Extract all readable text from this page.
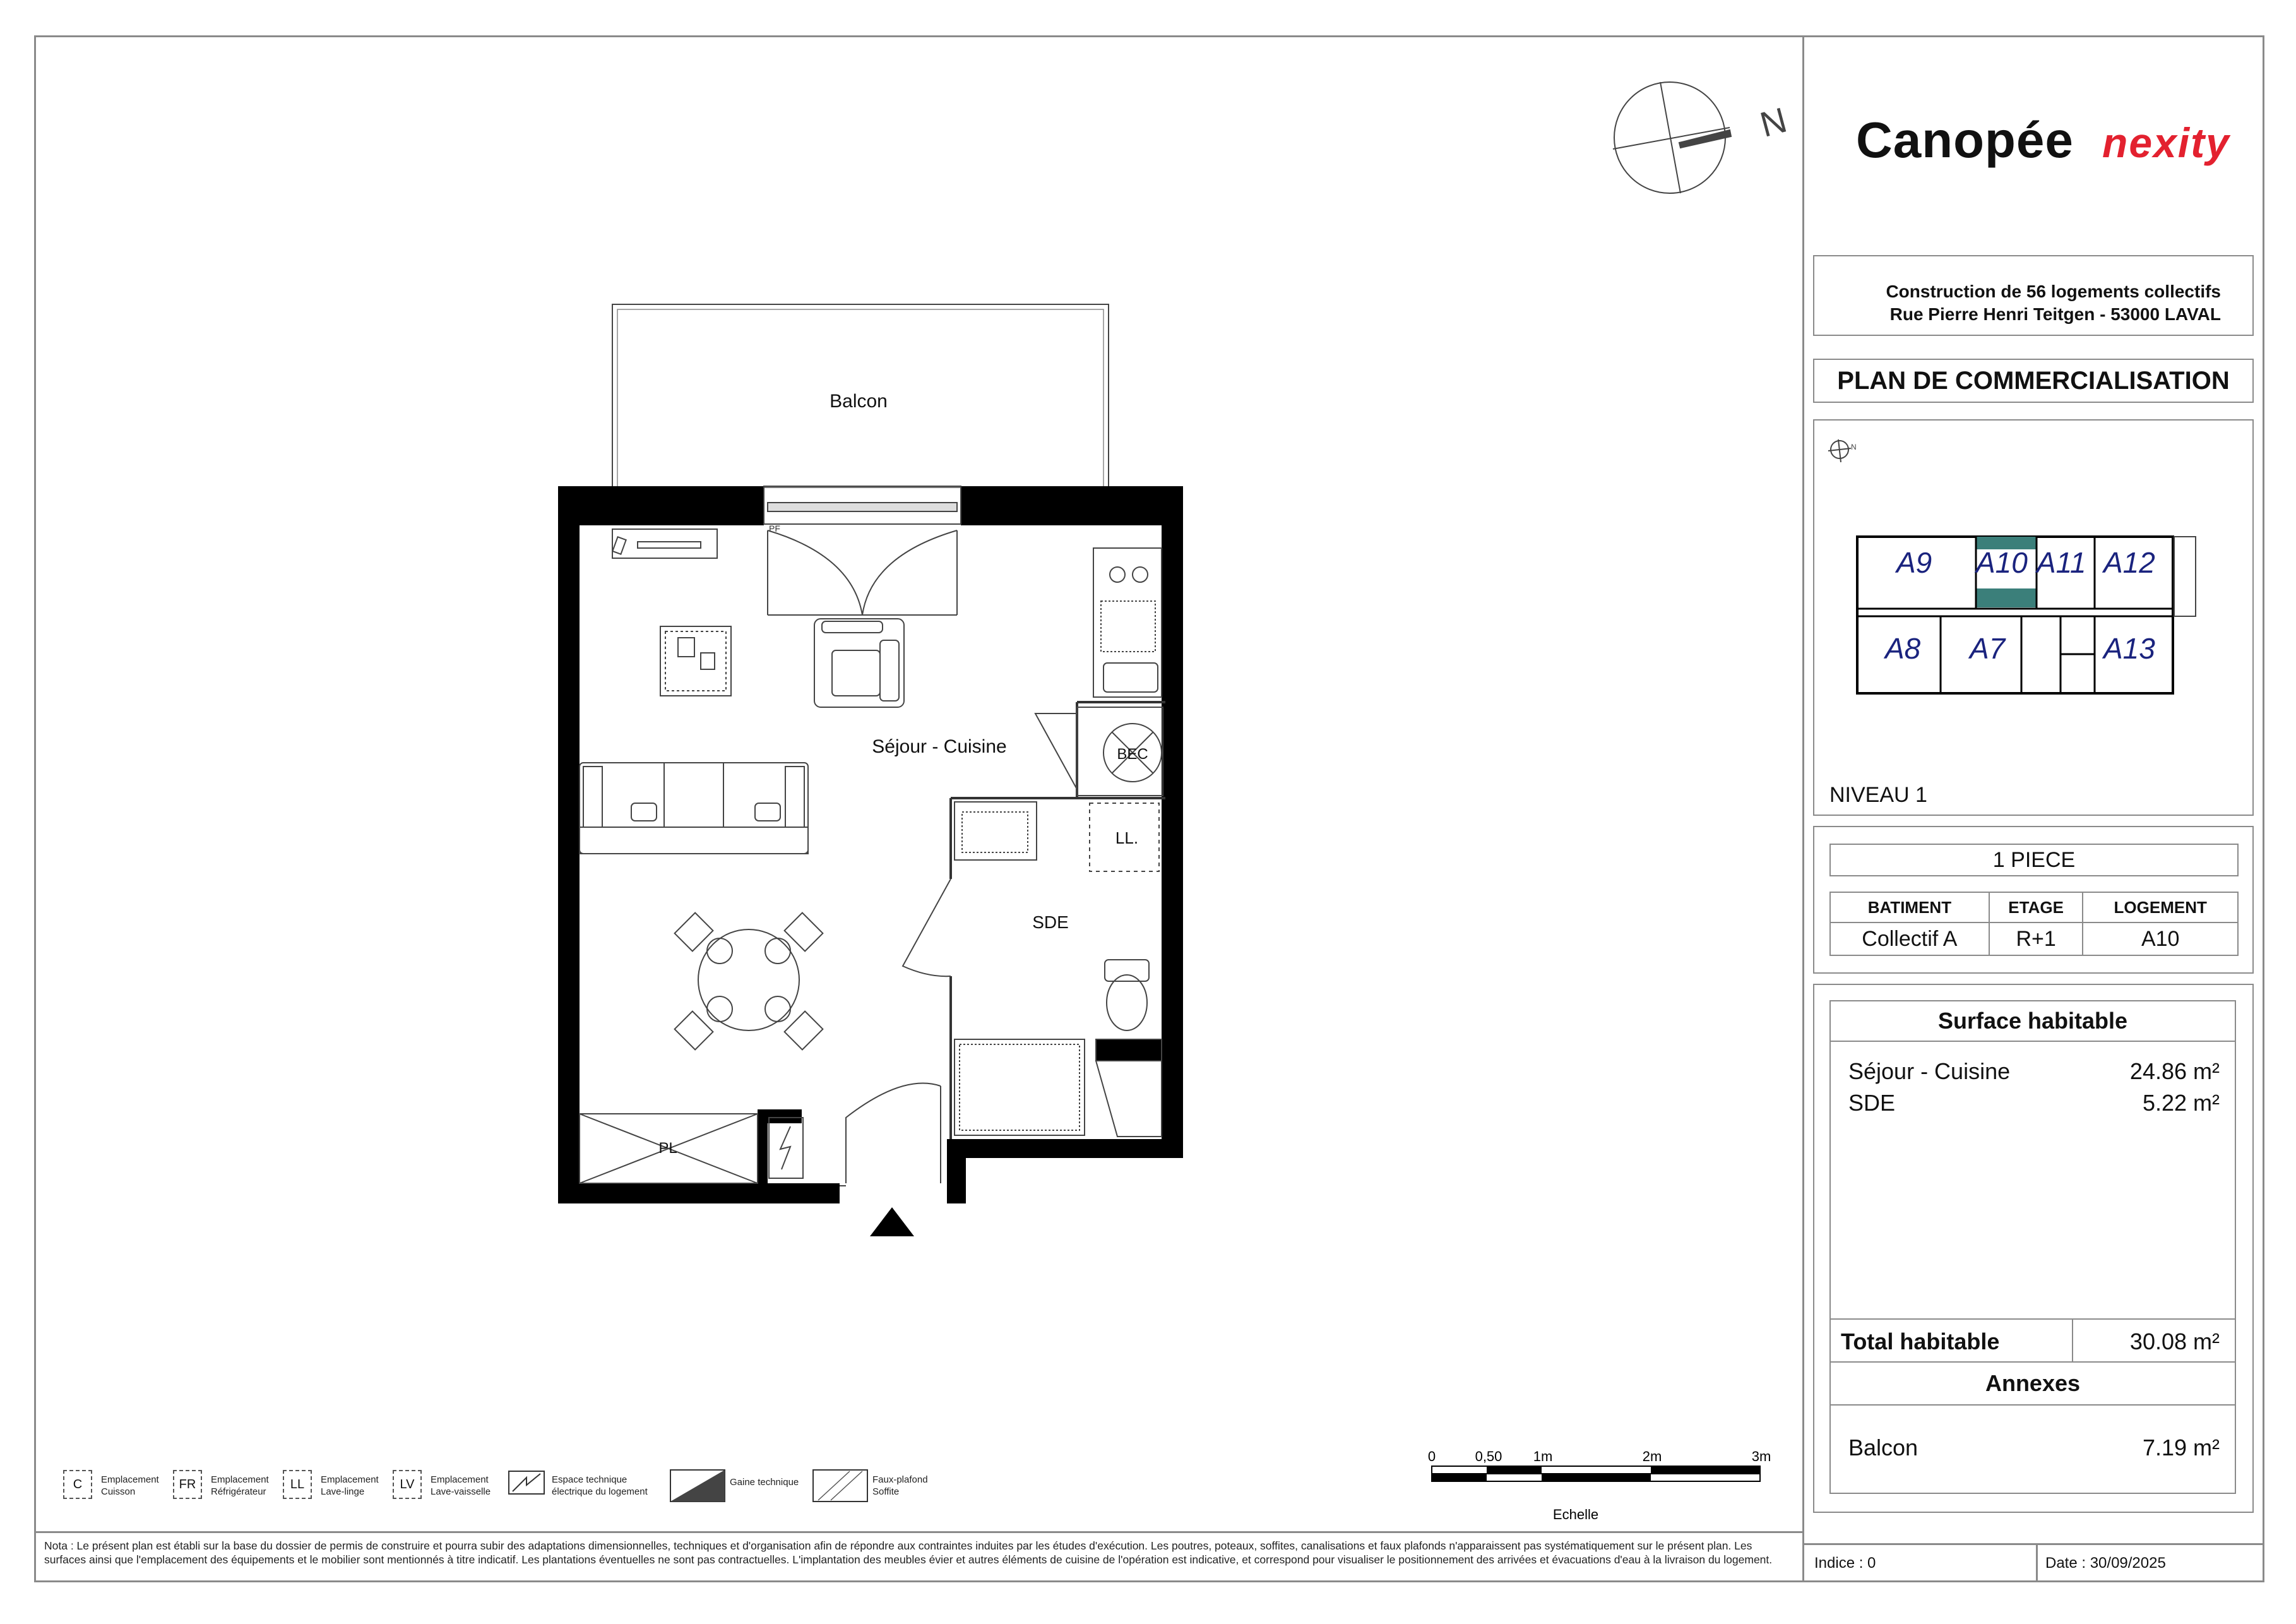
N
Balcon
PF
BEC
Séjour - Cuisine
PL
LL.
SDE
0	0,50 1m	2m	3m
Echelle
C	Emplacement
Cuisson
FR	Emplacement
Réfrigérateur
LL	Emplacement
Lave-linge
LV	Emplacement
Lave-vaisselle
Espace technique
électrique du logement
Gaine technique	Faux-plafond
Soffite
Nota : Le présent plan est établi sur la base du dossier de permis de construire et pourra subir des adaptations dimensionnelles, techniques et d'organisation afin de répondre aux contraintes induites par les études d'exécution. Les poutres, poteaux, soffites, canalisations et faux plafonds n'apparaissent pas systématiquement sur le présent plan. Les surfaces ainsi que l'emplacement des équipements et le mobilier sont mentionnés à titre indicatif. Les plantations éventuelles ne sont pas contractuelles. L'implantation des meubles évier et autres éléments de cuisine de l'opération est indicative, et correspond pour visualiser le positionnement des arrivées et évacuations d'eau à la livraison du logement.
Canopée nexity
Construction de 56 logements collectifs
Rue Pierre Henri Teitgen - 53000 LAVAL
PLAN DE COMMERCIALISATION
N
A9 A10 A11 A12
A8 A7	A13
NIVEAU 1
1 PIECE
BATIMENT	ETAGE	LOGEMENT
Collectif A	R+1	A10
Surface habitable
Séjour - Cuisine	24.86 m²
SDE	5.22 m²
Total habitable	30.08 m²
Annexes
Balcon	7.19 m²
Indice : 0	Date : 30/09/2025
